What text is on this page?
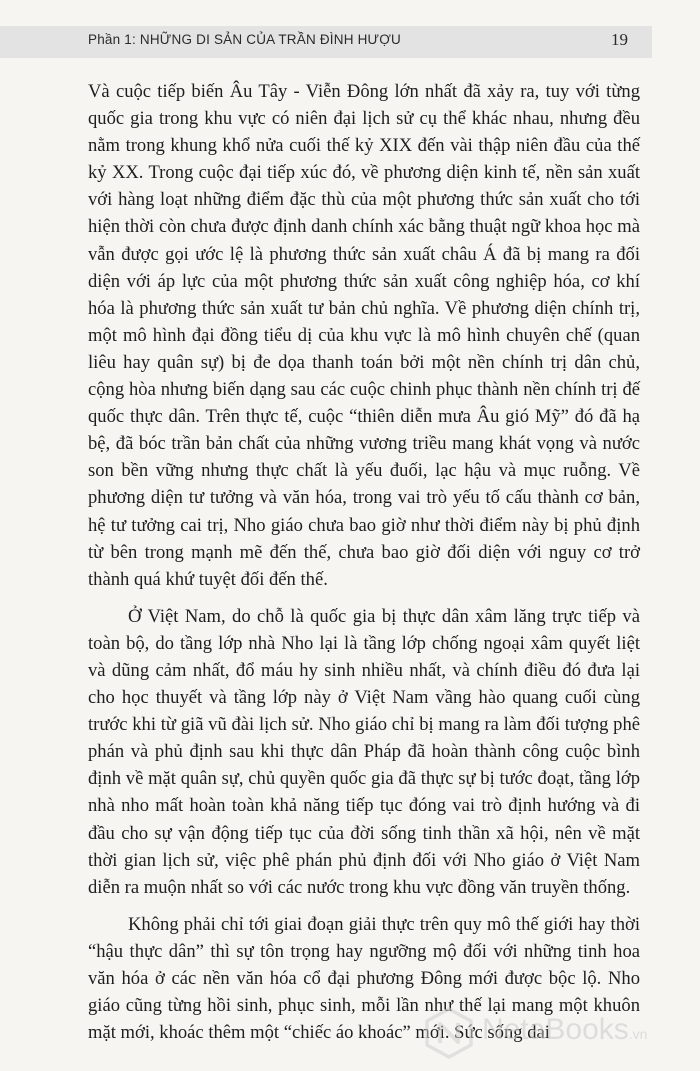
Phần 1: NHỮNG DI SẢN CỦA TRẦN ĐÌNH HƯỢU	19

Và cuộc tiếp biến Âu Tây - Viễn Đông lớn nhất đã xảy ra, tuy với từng quốc gia trong khu vực có niên đại lịch sử cụ thể khác nhau, nhưng đều nằm trong khung khổ nửa cuối thế kỷ XIX đến vài thập niên đầu của thế kỷ XX. Trong cuộc đại tiếp xúc đó, về phương diện kinh tế, nền sản xuất với hàng loạt những điểm đặc thù của một phương thức sản xuất cho tới hiện thời còn chưa được định danh chính xác bằng thuật ngữ khoa học mà vẫn được gọi ước lệ là phương thức sản xuất châu Á đã bị mang ra đối diện với áp lực của một phương thức sản xuất công nghiệp hóa, cơ khí hóa là phương thức sản xuất tư bản chủ nghĩa. Về phương diện chính trị, một mô hình đại đồng tiểu dị của khu vực là mô hình chuyên chế (quan liêu hay quân sự) bị đe dọa thanh toán bởi một nền chính trị dân chủ, cộng hòa nhưng biến dạng sau các cuộc chinh phục thành nền chính trị đế quốc thực dân. Trên thực tế, cuộc “thiên diễn mưa Âu gió Mỹ” đó đã hạ bệ, đã bóc trần bản chất của những vương triều mang khát vọng và nước son bền vững nhưng thực chất là yếu đuối, lạc hậu và mục ruỗng. Về phương diện tư tưởng và văn hóa, trong vai trò yếu tố cấu thành cơ bản, hệ tư tưởng cai trị, Nho giáo chưa bao giờ như thời điểm này bị phủ định từ bên trong mạnh mẽ đến thế, chưa bao giờ đối diện với nguy cơ trở thành quá khứ tuyệt đối đến thế.

Ở Việt Nam, do chỗ là quốc gia bị thực dân xâm lăng trực tiếp và toàn bộ, do tầng lớp nhà Nho lại là tầng lớp chống ngoại xâm quyết liệt và dũng cảm nhất, đổ máu hy sinh nhiều nhất, và chính điều đó đưa lại cho học thuyết và tầng lớp này ở Việt Nam vầng hào quang cuối cùng trước khi từ giã vũ đài lịch sử. Nho giáo chỉ bị mang ra làm đối tượng phê phán và phủ định sau khi thực dân Pháp đã hoàn thành công cuộc bình định về mặt quân sự, chủ quyền quốc gia đã thực sự bị tước đoạt, tầng lớp nhà nho mất hoàn toàn khả năng tiếp tục đóng vai trò định hướng và đi đầu cho sự vận động tiếp tục của đời sống tinh thần xã hội, nên về mặt thời gian lịch sử, việc phê phán phủ định đối với Nho giáo ở Việt Nam diễn ra muộn nhất so với các nước trong khu vực đồng văn truyền thống.

Không phải chỉ tới giai đoạn giải thực trên quy mô thế giới hay thời “hậu thực dân” thì sự tôn trọng hay ngưỡng mộ đối với những tinh hoa văn hóa ở các nền văn hóa cổ đại phương Đông mới được bộc lộ. Nho giáo cũng từng hồi sinh, phục sinh, mỗi lần như thế lại mang một khuôn mặt mới, khoác thêm một “chiếc áo khoác” mới. Sức sống dai

NetaBooks.vn
